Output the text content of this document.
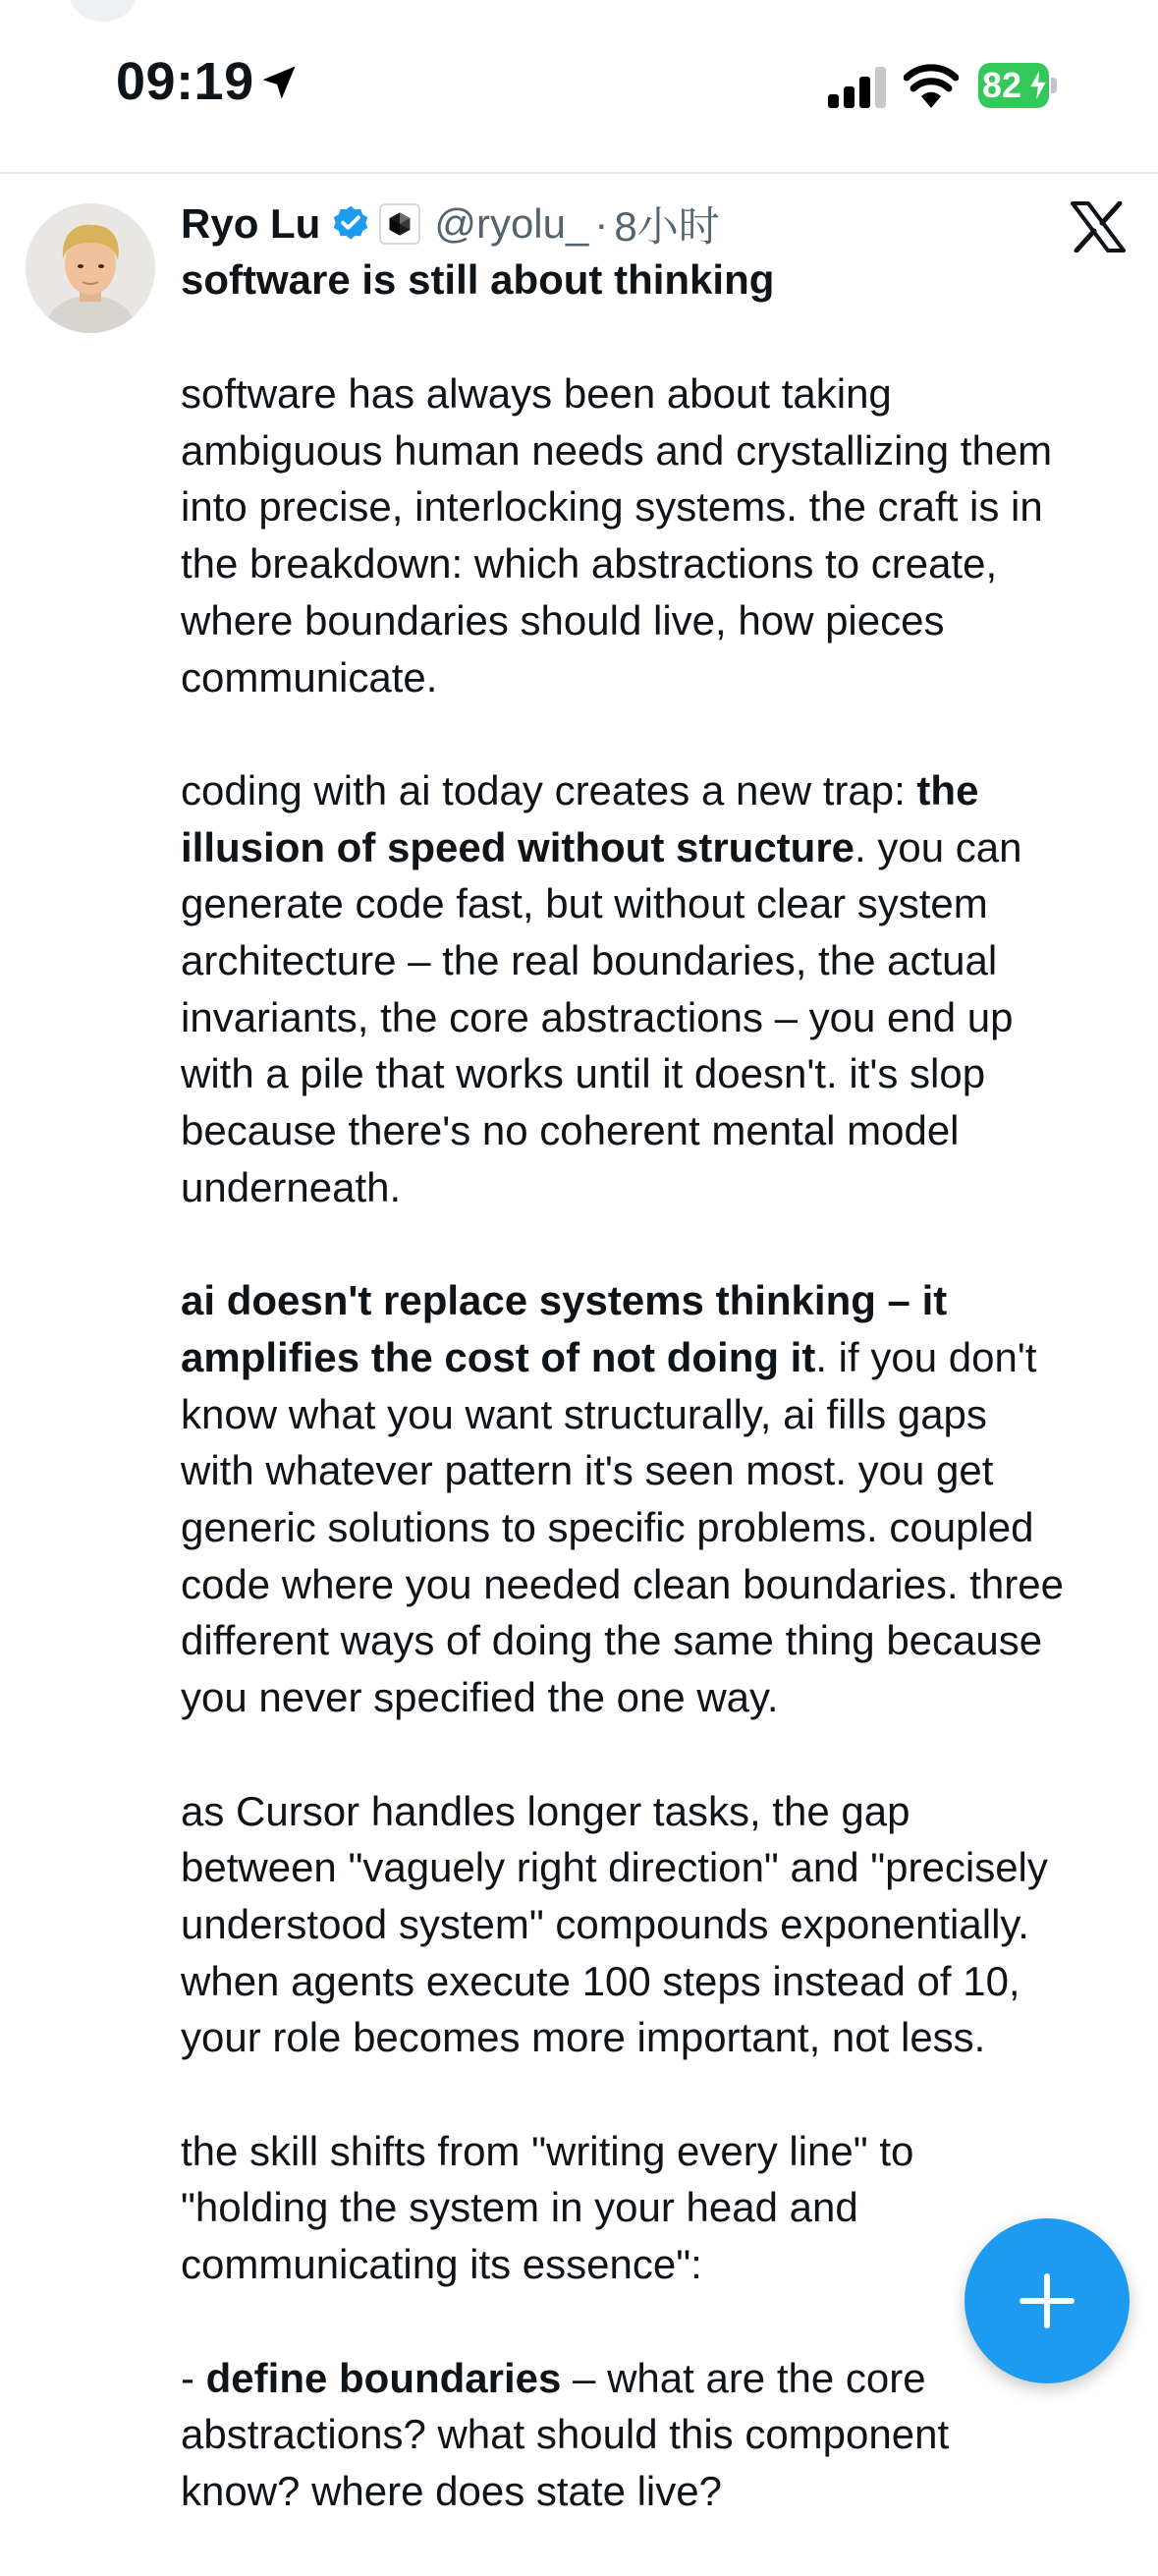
09:19	82
Ryo Lu	@ryolu_ · 8小时
software is still about thinking
software has always been about taking
ambiguous human needs and crystallizing them
into precise, interlocking systems. the craft is in
the breakdown: which abstractions to create,
where boundaries should live, how pieces
communicate.
coding with ai today creates a new trap: the
illusion of speed without structure. you can
generate code fast, but without clear system
architecture – the real boundaries, the actual
invariants, the core abstractions – you end up
with a pile that works until it doesn't. it's slop
because there's no coherent mental model
underneath.
ai doesn't replace systems thinking – it
amplifies the cost of not doing it. if you don't
know what you want structurally, ai fills gaps
with whatever pattern it's seen most. you get
generic solutions to specific problems. coupled
code where you needed clean boundaries. three
different ways of doing the same thing because
you never specified the one way.
as Cursor handles longer tasks, the gap
between "vaguely right direction" and "precisely
understood system" compounds exponentially.
when agents execute 100 steps instead of 10,
your role becomes more important, not less.
the skill shifts from "writing every line" to
"holding the system in your head and
communicating its essence":
- define boundaries – what are the core
abstractions? what should this component
know? where does state live?
